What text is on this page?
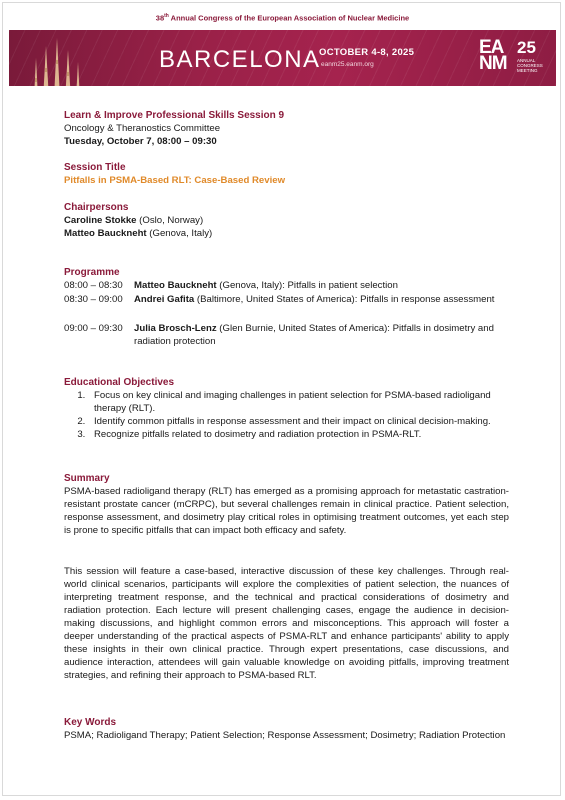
38th Annual Congress of the European Association of Nuclear Medicine
BARCELONA
OCTOBER 4-8, 2025
eanm25.eanm.org
EANM
25
ANNUAL CONGRESS MEETING
Learn & Improve Professional Skills Session 9
Oncology & Theranostics Committee
Tuesday, October 7, 08:00 – 09:30
Session Title
Pitfalls in PSMA-Based RLT: Case-Based Review
Chairpersons
Caroline Stokke (Oslo, Norway)
Matteo Bauckneht (Genova, Italy)
Programme
08:00 – 08:30	Matteo Bauckneht (Genova, Italy): Pitfalls in patient selection
08:30 – 09:00	Andrei Gafita (Baltimore, United States of America): Pitfalls in response assessment
09:00 – 09:30	Julia Brosch-Lenz (Glen Burnie, United States of America): Pitfalls in dosimetry and radiation protection
Educational Objectives
1. Focus on key clinical and imaging challenges in patient selection for PSMA-based radioligand therapy (RLT).
2. Identify common pitfalls in response assessment and their impact on clinical decision-making.
3. Recognize pitfalls related to dosimetry and radiation protection in PSMA-RLT.
Summary
PSMA-based radioligand therapy (RLT) has emerged as a promising approach for metastatic castration-resistant prostate cancer (mCRPC), but several challenges remain in clinical practice. Patient selection, response assessment, and dosimetry play critical roles in optimising treatment outcomes, yet each step is prone to specific pitfalls that can impact both efficacy and safety.
This session will feature a case-based, interactive discussion of these key challenges. Through real-world clinical scenarios, participants will explore the complexities of patient selection, the nuances of interpreting treatment response, and the technical and practical considerations of dosimetry and radiation protection. Each lecture will present challenging cases, engage the audience in decision-making discussions, and highlight common errors and misconceptions. This approach will foster a deeper understanding of the practical aspects of PSMA-RLT and enhance participants' ability to apply these insights in their own clinical practice. Through expert presentations, case discussions, and audience interaction, attendees will gain valuable knowledge on avoiding pitfalls, improving treatment strategies, and refining their approach to PSMA-based RLT.
Key Words
PSMA; Radioligand Therapy; Patient Selection; Response Assessment; Dosimetry; Radiation Protection
